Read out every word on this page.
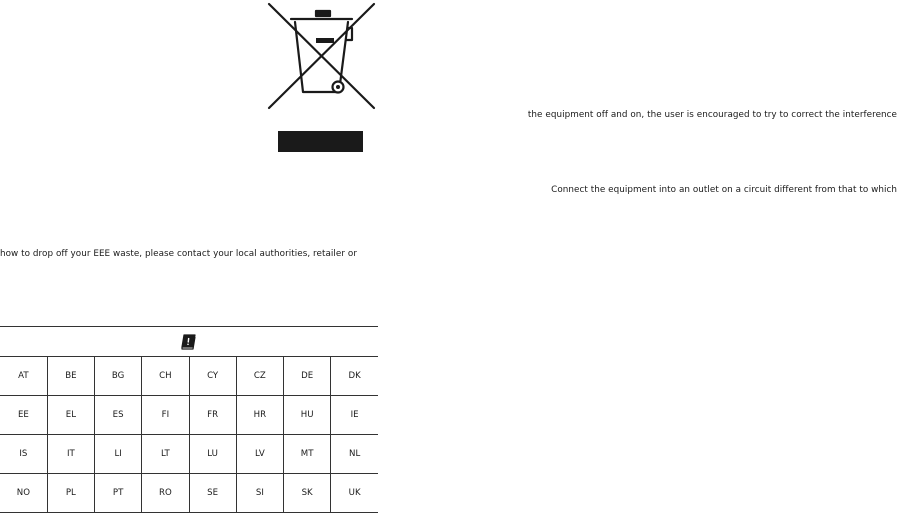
how to drop off your EEE waste, please contact your local authorities, retailer or
the equipment off and on, the user is encouraged to try to correct the interference
Connect the equipment into an outlet on a circuit different from that to which

AT	BE	BG	CH	CY	CZ	DE	DK
EE	EL	ES	FI	FR	HR	HU	IE
IS	IT	LI	LT	LU	LV	MT	NL
NO	PL	PT	RO	SE	SI	SK	UK
